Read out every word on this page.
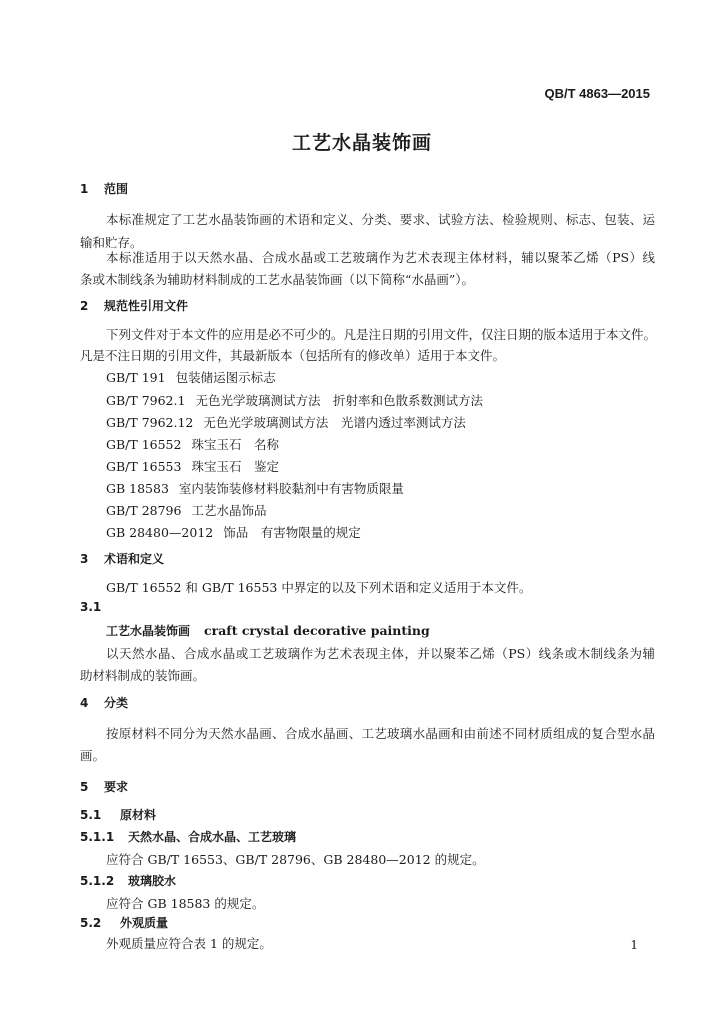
QB/T 4863—2015
工艺水晶装饰画
1 范围
本标准规定了工艺水晶装饰画的术语和定义、分类、要求、试验方法、检验规则、标志、包装、运
输和贮存。
本标准适用于以天然水晶、合成水晶或工艺玻璃作为艺术表现主体材料，辅以聚苯乙烯（PS）线
条或木制线条为辅助材料制成的工艺水晶装饰画（以下简称“水晶画”）。
2 规范性引用文件
下列文件对于本文件的应用是必不可少的。凡是注日期的引用文件，仅注日期的版本适用于本文件。
凡是不注日期的引用文件，其最新版本（包括所有的修改单）适用于本文件。
GB/T 191 包装储运图示标志
GB/T 7962.1 无色光学玻璃测试方法　折射率和色散系数测试方法
GB/T 7962.12 无色光学玻璃测试方法　光谱内透过率测试方法
GB/T 16552 珠宝玉石　名称
GB/T 16553 珠宝玉石　鉴定
GB 18583 室内装饰装修材料胶黏剂中有害物质限量
GB/T 28796 工艺水晶饰品
GB 28480—2012 饰品　有害物限量的规定
3 术语和定义
GB/T 16552 和 GB/T 16553 中界定的以及下列术语和定义适用于本文件。
3.1
工艺水晶装饰画 craft crystal decorative painting
以天然水晶、合成水晶或工艺玻璃作为艺术表现主体，并以聚苯乙烯（PS）线条或木制线条为辅
助材料制成的装饰画。
4 分类
按原材料不同分为天然水晶画、合成水晶画、工艺玻璃水晶画和由前述不同材质组成的复合型水晶
画。
5 要求
5.1 原材料
5.1.1 天然水晶、合成水晶、工艺玻璃
应符合 GB/T 16553、GB/T 28796、GB 28480—2012 的规定。
5.1.2 玻璃胶水
应符合 GB 18583 的规定。
5.2 外观质量
外观质量应符合表 1 的规定。	1
